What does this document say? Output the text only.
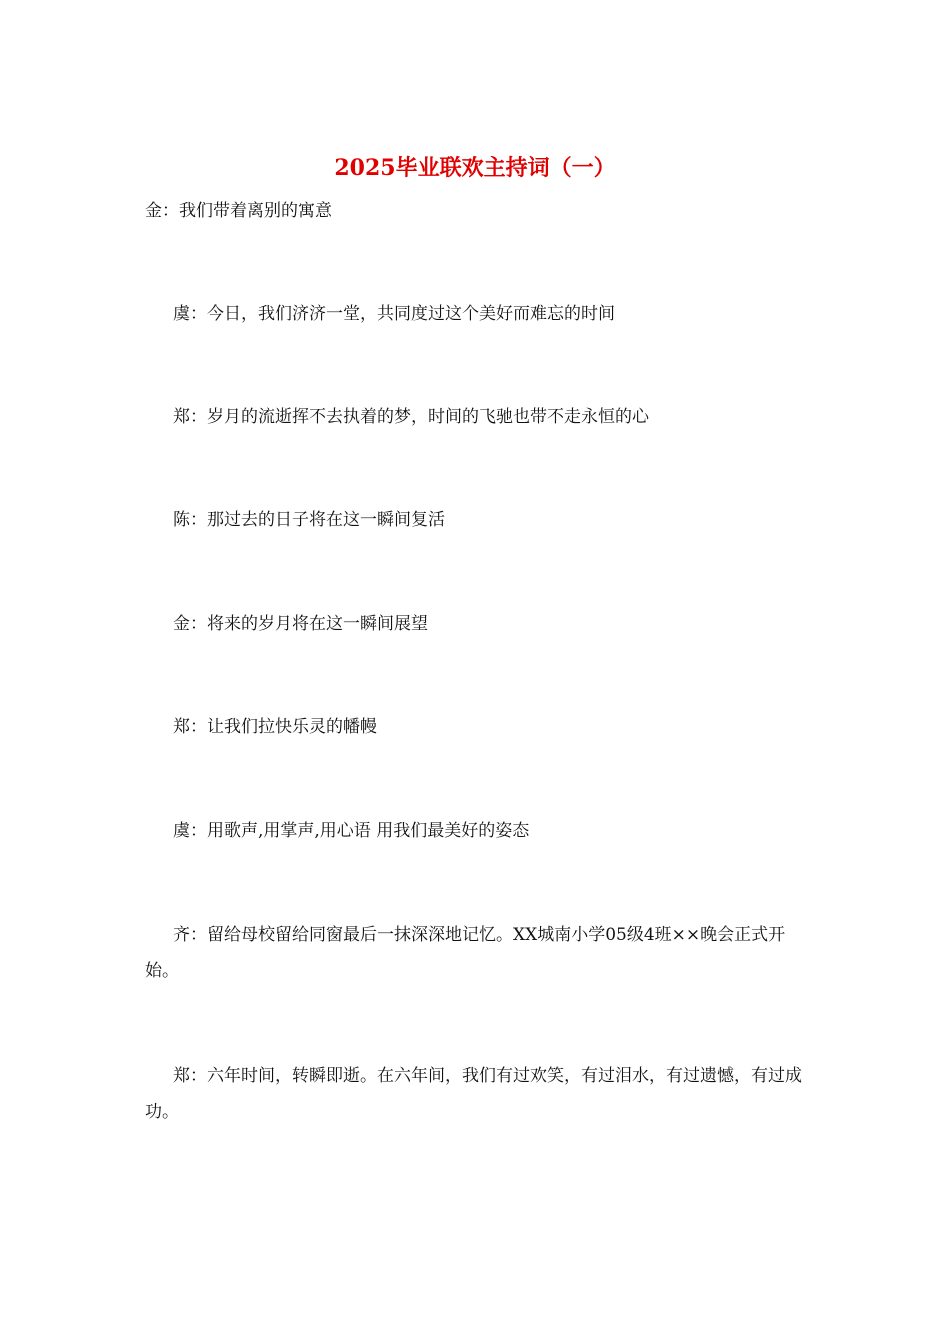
2025毕业联欢主持词（一）
金：我们带着离别的寓意
虞：今日，我们济济一堂，共同度过这个美好而难忘的时间
郑：岁月的流逝挥不去执着的梦，时间的飞驰也带不走永恒的心
陈：那过去的日子将在这一瞬间复活
金：将来的岁月将在这一瞬间展望
郑：让我们拉快乐灵的幡幔
虞：用歌声,用掌声,用心语 用我们最美好的姿态
齐：留给母校留给同窗最后一抹深深地记忆。XX城南小学05级4班××晚会正式开始。
郑：六年时间，转瞬即逝。在六年间，我们有过欢笑，有过泪水，有过遗憾，有过成功。
